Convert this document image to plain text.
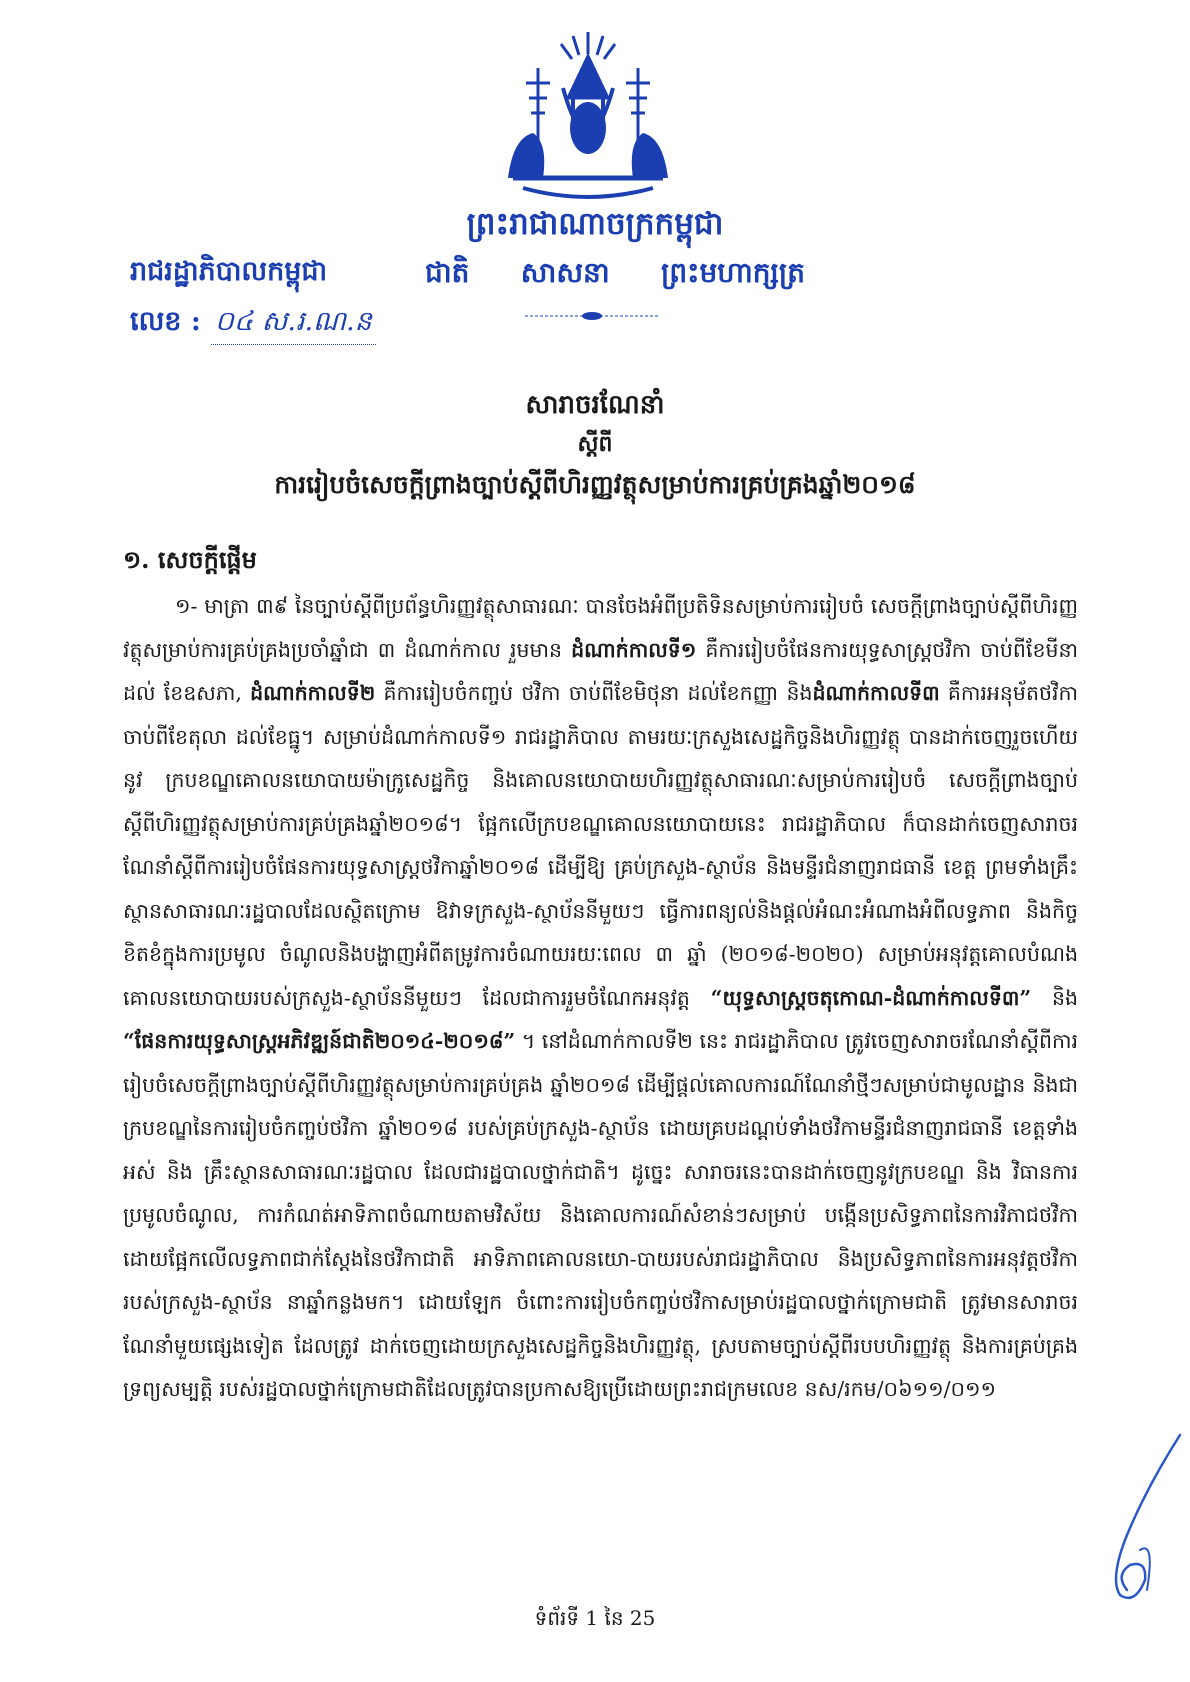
ព្រះរាជាណាចក្រកម្ពុជា
ជាតិ សាសនា ព្រះមហាក្សត្រ
រាជរដ្ឋាភិបាលកម្ពុជា
លេខ : ០៤ ស.រ.ណ.ន
សារាចរណែនាំ
ស្តីពី
ការរៀបចំសេចក្តីព្រាងច្បាប់ស្តីពីហិរញ្ញវត្ថុសម្រាប់ការគ្រប់គ្រងឆ្នាំ២០១៨
១. សេចក្តីផ្តើម

១- មាត្រា ៣៩ នៃច្បាប់ស្តីពីប្រព័ន្ធហិរញ្ញវត្ថុសាធារណៈ បានចែងអំពីប្រតិទិនសម្រាប់ការរៀបចំ សេចក្តីព្រាងច្បាប់ស្តីពីហិរញ្ញវត្ថុសម្រាប់ការគ្រប់គ្រងប្រចាំឆ្នាំជា ៣ ដំណាក់កាល រួមមាន ដំណាក់កាលទី១ គឺការរៀបចំផែនការយុទ្ធសាស្ត្រថវិកា ចាប់ពីខែមីនា ដល់ ខែឧសភា, ដំណាក់កាលទី២ គឺការរៀបចំកញ្ចប់ ថវិកា ចាប់ពីខែមិថុនា ដល់ខែកញ្ញា និងដំណាក់កាលទី៣ គឺការអនុម័តថវិកា ចាប់ពីខែតុលា ដល់ខែធ្នូ។ សម្រាប់ដំណាក់កាលទី១ រាជរដ្ឋាភិបាល តាមរយៈក្រសួងសេដ្ឋកិច្ចនិងហិរញ្ញវត្ថុ បានដាក់ចេញរួចហើយនូវ ក្របខណ្ឌគោលនយោបាយម៉ាក្រូសេដ្ឋកិច្ច និងគោលនយោបាយហិរញ្ញវត្ថុសាធារណៈសម្រាប់ការរៀបចំ សេចក្តីព្រាងច្បាប់ស្តីពីហិរញ្ញវត្ថុសម្រាប់ការគ្រប់គ្រងឆ្នាំ២០១៨។ ផ្អែកលើក្របខណ្ឌគោលនយោបាយនេះ រាជរដ្ឋាភិបាល ក៏បានដាក់ចេញសារាចរណែនាំស្តីពីការរៀបចំផែនការយុទ្ធសាស្ត្រថវិកាឆ្នាំ២០១៨ ដើម្បីឱ្យ គ្រប់ក្រសួង-ស្ថាប័ន និងមន្ទីរជំនាញរាជធានី ខេត្ត ព្រមទាំងគ្រឹះស្ថានសាធារណៈរដ្ឋបាលដែលស្ថិតក្រោម ឱវាទក្រសួង-ស្ថាប័ននីមួយៗ ធ្វើការពន្យល់និងផ្តល់អំណះអំណាងអំពីលទ្ធភាព និងកិច្ចខិតខំក្នុងការប្រមូល ចំណូលនិងបង្ហាញអំពីតម្រូវការចំណាយរយៈពេល ៣ ឆ្នាំ (២០១៨-២០២០) សម្រាប់អនុវត្តគោលបំណង គោលនយោបាយរបស់ក្រសួង-ស្ថាប័ននីមួយៗ ដែលជាការរួមចំណែកអនុវត្ត “យុទ្ធសាស្ត្រចតុកោណ-ដំណាក់កាលទី៣” និង “ផែនការយុទ្ធសាស្ត្រអភិវឌ្ឍន៍ជាតិ២០១៤-២០១៨” ។ នៅដំណាក់កាលទី២ នេះ រាជរដ្ឋាភិបាល ត្រូវចេញសារាចរណែនាំស្តីពីការរៀបចំសេចក្តីព្រាងច្បាប់ស្តីពីហិរញ្ញវត្ថុសម្រាប់ការគ្រប់គ្រង ឆ្នាំ២០១៨ ដើម្បីផ្តល់គោលការណ៍ណែនាំថ្មីៗសម្រាប់ជាមូលដ្ឋាន និងជាក្របខណ្ឌនៃការរៀបចំកញ្ចប់ថវិកា ឆ្នាំ២០១៨ របស់គ្រប់ក្រសួង-ស្ថាប័ន ដោយគ្របដណ្តប់ទាំងថវិកាមន្ទីរជំនាញរាជធានី ខេត្តទាំងអស់ និង គ្រឹះស្ថានសាធារណៈរដ្ឋបាល ដែលជារដ្ឋបាលថ្នាក់ជាតិ។ ដូច្នេះ សារាចរនេះបានដាក់ចេញនូវក្របខណ្ឌ និង វិធានការប្រមូលចំណូល, ការកំណត់អាទិភាពចំណាយតាមវិស័យ និងគោលការណ៍សំខាន់ៗសម្រាប់ បង្កើនប្រសិទ្ធភាពនៃការវិភាជថវិកា ដោយផ្អែកលើលទ្ធភាពជាក់ស្តែងនៃថវិកាជាតិ អាទិភាពគោលនយោ-បាយរបស់រាជរដ្ឋាភិបាល និងប្រសិទ្ធភាពនៃការអនុវត្តថវិការបស់ក្រសួង-ស្ថាប័ន នាឆ្នាំកន្លងមក។ ដោយឡែក ចំពោះការរៀបចំកញ្ចប់ថវិកាសម្រាប់រដ្ឋបាលថ្នាក់ក្រោមជាតិ ត្រូវមានសារាចរណែនាំមួយផ្សេងទៀត ដែលត្រូវ ដាក់ចេញដោយក្រសួងសេដ្ឋកិច្ចនិងហិរញ្ញវត្ថុ, ស្របតាមច្បាប់ស្តីពីរបបហិរញ្ញវត្ថុ និងការគ្រប់គ្រងទ្រព្យសម្បត្តិ របស់រដ្ឋបាលថ្នាក់ក្រោមជាតិដែលត្រូវបានប្រកាសឱ្យប្រើដោយព្រះរាជក្រមលេខ នស/រកម/០៦១១/០១១

ទំព័រទី 1 នៃ 25
